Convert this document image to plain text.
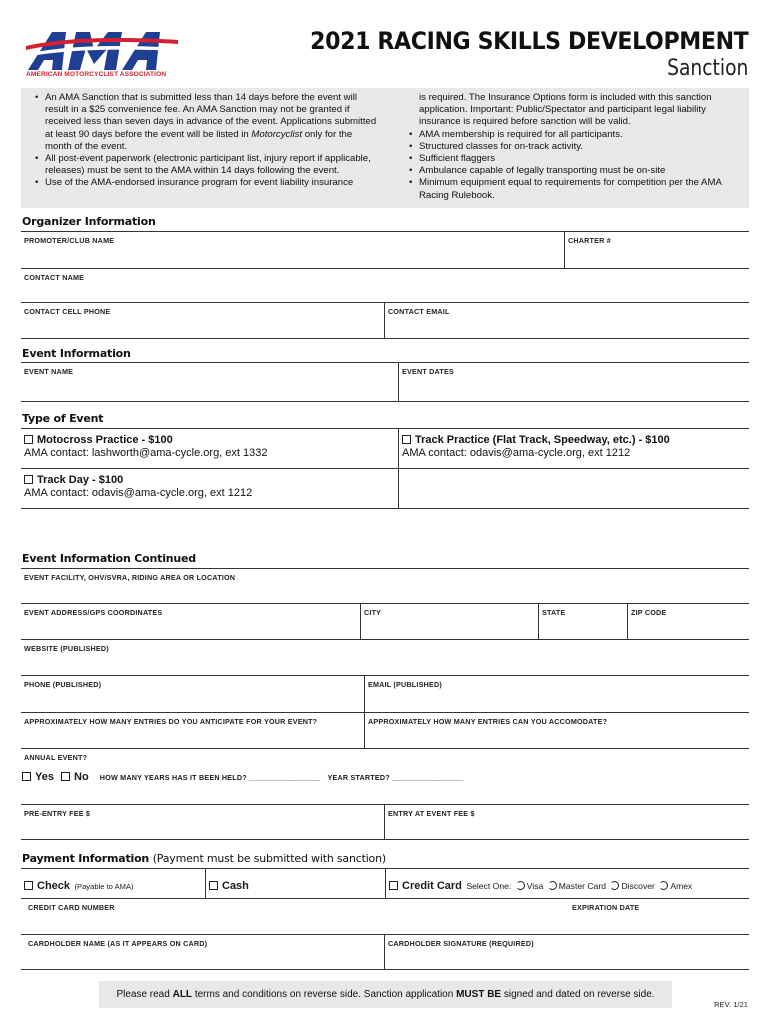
AMERICAN MOTORCYCLIST ASSOCIATION
2021 RACING SKILLS DEVELOPMENT
Sanction
• An AMA Sanction that is submitted less than 14 days before the event will result in a $25 convenience fee. An AMA Sanction may not be granted if received less than seven days in advance of the event. Applications submitted at least 90 days before the event will be listed in Motorcyclist only for the month of the event.
• All post-event paperwork (electronic participant list, injury report if applicable, releases) must be sent to the AMA within 14 days following the event.
• Use of the AMA-endorsed insurance program for event liability insurance
is required. The Insurance Options form is included with this sanction application. Important: Public/Spectator and participant legal liability insurance is required before sanction will be valid.
• AMA membership is required for all participants.
• Structured classes for on-track activity.
• Sufficient flaggers
• Ambulance capable of legally transporting must be on-site
• Minimum equipment equal to requirements for competition per the AMA Racing Rulebook.
Organizer Information
PROMOTER/CLUB NAME	CHARTER #
CONTACT NAME
CONTACT CELL PHONE	CONTACT EMAIL
Event Information
EVENT NAME	EVENT DATES
Type of Event
Motocross Practice - $100
AMA contact: lashworth@ama-cycle.org, ext 1332
Track Practice (Flat Track, Speedway, etc.) - $100
AMA contact: odavis@ama-cycle.org, ext 1212
Track Day - $100
AMA contact: odavis@ama-cycle.org, ext 1212
Event Information Continued
EVENT FACILITY, OHV/SVRA, RIDING AREA OR LOCATION
EVENT ADDRESS/GPS COORDINATES	CITY	STATE	ZIP CODE
WEBSITE (PUBLISHED)
PHONE (PUBLISHED)	EMAIL (PUBLISHED)
APPROXIMATELY HOW MANY ENTRIES DO YOU ANTICIPATE FOR YOUR EVENT?	APPROXIMATELY HOW MANY ENTRIES CAN YOU ACCOMODATE?
ANNUAL EVENT?
Yes No HOW MANY YEARS HAS IT BEEN HELD? _________________ YEAR STARTED? _________________
PRE-ENTRY FEE $	ENTRY AT EVENT FEE $
Payment Information (Payment must be submitted with sanction)
Check (Payable to AMA)	Cash	Credit Card Select One: Visa Master Card Discover Amex
CREDIT CARD NUMBER	EXPIRATION DATE
CARDHOLDER NAME (AS IT APPEARS ON CARD)	CARDHOLDER SIGNATURE (REQUIRED)
Please read ALL terms and conditions on reverse side. Sanction application MUST BE signed and dated on reverse side.
REV. 1/21
